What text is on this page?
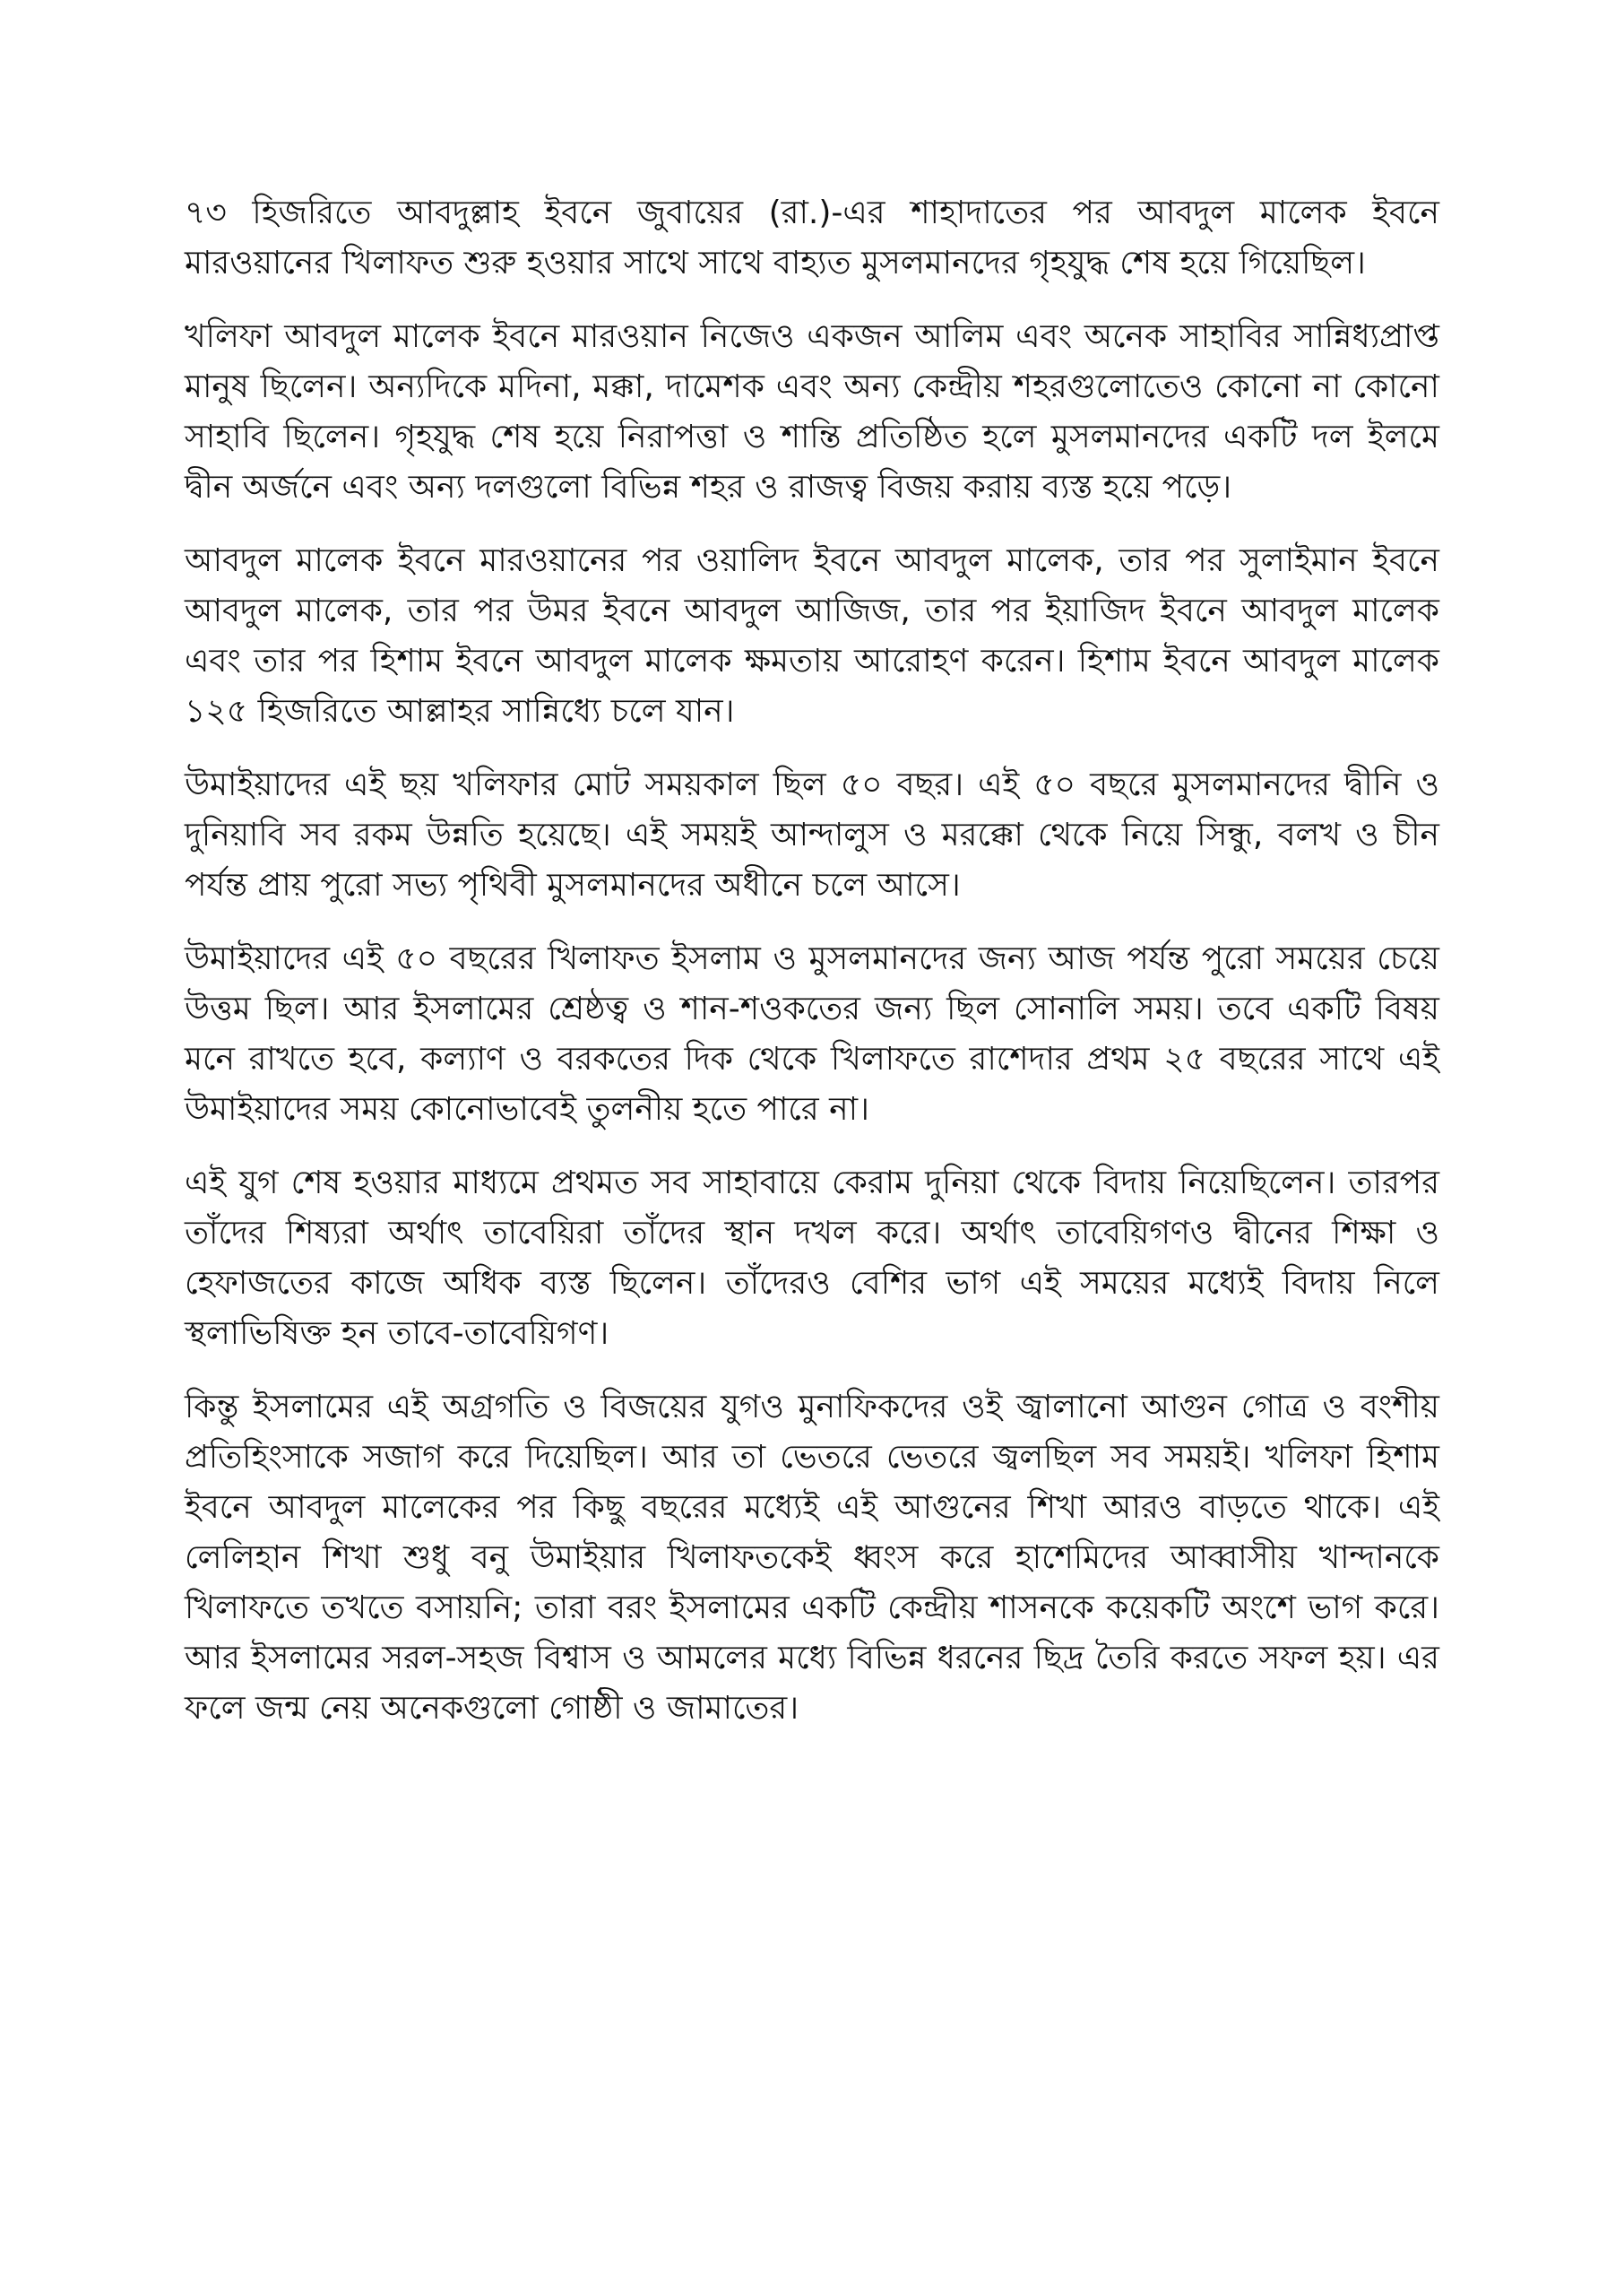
৭৩ হিজরিতে আবদুল্লাহ ইবনে জুবায়ের (রা.)-এর শাহাদাতের পর আবদুল মালেক ইবনে মারওয়ানের খিলাফত শুরু হওয়ার সাথে সাথে বাহ্যত মুসলমানদের গৃহযুদ্ধ শেষ হয়ে গিয়েছিল।

খলিফা আবদুল মালেক ইবনে মারওয়ান নিজেও একজন আলিম এবং অনেক সাহাবির সান্নিধ্যপ্রাপ্ত মানুষ ছিলেন। অন্যদিকে মদিনা, মক্কা, দামেশক এবং অন্য কেন্দ্রীয় শহরগুলোতেও কোনো না কোনো সাহাবি ছিলেন। গৃহযুদ্ধ শেষ হয়ে নিরাপত্তা ও শান্তি প্রতিষ্ঠিত হলে মুসলমানদের একটি দল ইলমে দ্বীন অর্জনে এবং অন্য দলগুলো বিভিন্ন শহর ও রাজত্ব বিজয় করায় ব্যস্ত হয়ে পড়ে।

আবদুল মালেক ইবনে মারওয়ানের পর ওয়ালিদ ইবনে আবদুল মালেক, তার পর সুলাইমান ইবনে আবদুল মালেক, তার পর উমর ইবনে আবদুল আজিজ, তার পর ইয়াজিদ ইবনে আবদুল মালেক এবং তার পর হিশাম ইবনে আবদুল মালেক ক্ষমতায় আরোহণ করেন। হিশাম ইবনে আবদুল মালেক ১২৫ হিজরিতে আল্লাহর সান্নিধ্যে চলে যান।

উমাইয়াদের এই ছয় খলিফার মোট সময়কাল ছিল ৫০ বছর। এই ৫০ বছরে মুসলমানদের দ্বীনি ও দুনিয়াবি সব রকম উন্নতি হয়েছে। এই সময়ই আন্দালুস ও মরক্কো থেকে নিয়ে সিন্ধু, বলখ ও চীন পর্যন্ত প্রায় পুরো সভ্য পৃথিবী মুসলমানদের অধীনে চলে আসে।

উমাইয়াদের এই ৫০ বছরের খিলাফত ইসলাম ও মুসলমানদের জন্য আজ পর্যন্ত পুরো সময়ের চেয়ে উত্তম ছিল। আর ইসলামের শ্রেষ্ঠত্ব ও শান-শওকতের জন্য ছিল সোনালি সময়। তবে একটি বিষয় মনে রাখতে হবে, কল্যাণ ও বরকতের দিক থেকে খিলাফতে রাশেদার প্রথম ২৫ বছরের সাথে এই উমাইয়াদের সময় কোনোভাবেই তুলনীয় হতে পারে না।

এই যুগ শেষ হওয়ার মাধ্যমে প্রথমত সব সাহাবায়ে কেরাম দুনিয়া থেকে বিদায় নিয়েছিলেন। তারপর তাঁদের শিষ্যরা অর্থাৎ তাবেয়িরা তাঁদের স্থান দখল করে। অর্থাৎ তাবেয়িগণও দ্বীনের শিক্ষা ও হেফাজতের কাজে অধিক ব্যস্ত ছিলেন। তাঁদেরও বেশির ভাগ এই সময়ের মধ্যেই বিদায় নিলে স্থলাভিষিক্ত হন তাবে-তাবেয়িগণ।

কিন্তু ইসলামের এই অগ্রগতি ও বিজয়ের যুগও মুনাফিকদের ওই জ্বালানো আগুন গোত্র ও বংশীয় প্রতিহিংসাকে সজাগ করে দিয়েছিল। আর তা ভেতরে ভেতরে জ্বলছিল সব সময়ই। খলিফা হিশাম ইবনে আবদুল মালেকের পর কিছু বছরের মধ্যেই এই আগুনের শিখা আরও বাড়তে থাকে। এই লেলিহান শিখা শুধু বনু উমাইয়ার খিলাফতকেই ধ্বংস করে হাশেমিদের আব্বাসীয় খান্দানকে খিলাফতে তখতে বসায়নি; তারা বরং ইসলামের একটি কেন্দ্রীয় শাসনকে কয়েকটি অংশে ভাগ করে। আর ইসলামের সরল-সহজ বিশ্বাস ও আমলের মধ্যে বিভিন্ন ধরনের ছিদ্র তৈরি করতে সফল হয়। এর ফলে জন্ম নেয় অনেকগুলো গোষ্ঠী ও জামাতের।
